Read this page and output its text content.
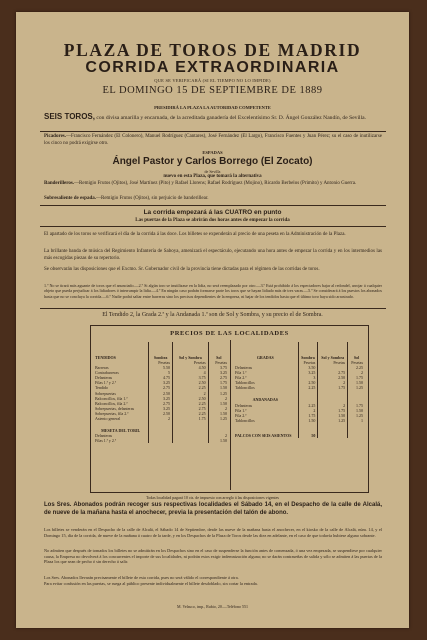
PLAZA DE TOROS DE MADRID
CORRIDA EXTRAORDINARIA
QUE SE VERIFICARÁ (SI EL TIEMPO NO LO IMPIDE)
EL DOMINGO 15 DE SEPTIEMBRE DE 1889
PRESIDIRÁ LA PLAZA LA AUTORIDAD COMPETENTE
SEIS TOROS, con divisa amarilla y encarnada, de la acreditada ganadería del Excelentísimo Sr. D. Ángel González Nandín, de Sevilla.
Picadores.—Francisco Fernández (El Colonero), Manuel Rodríguez (Cantares), José Fernández (El Largo), Francisco Fuentes y Juan Pérez; su el caso de inutilizarse los cinco no podrá exigirse otro.
ESPADAS
Ángel Pastor y Carlos Borrego (El Zocato)
de Sevilla
nuevo en esta Plaza, que tomará la alternativa
Banderilleros.—Remigio Frutos (Ojitos), José Martínez (Pito) y Rafael Llorens; Rafael Rodríguez (Mojino), Ricardo Berbelos (Primito) y Antonio Guerra.
Sobresaliente de espada.—Remigio Frutos (Ojitos), sin perjuicio de banderillear.
La corrida empezará á las CUATRO en punto
Las puertas de la Plaza se abrirán dos horas antes de empezar la corrida
El apartado de los toros se verificará el día de la corrida á las doce. Los billetes se expenderán al precio de una peseta en la Administración de la Plaza.
La brillante banda de música del Regimiento Infantería de Saboya, amenizará el espectáculo, ejecutando una hora antes de empezar la corrida y en los intermedios las más escogidas piezas de su repertorio.
Se observarán las disposiciones que el Excmo. Sr. Gobernador civil de la provincia tiene dictadas para el régimen de las corridas de toros.
1.º No se tirará más aguante de toros que el anunciado.—2.º Si algún toro se inutilizase en la lidia, no será reemplazado por otro.—3.º Está prohibido á los espectadores bajar al redondel, arrojar á cualquier objeto que pueda perjudicar á los lidiadores ó interrumpir la lidia.—4.º En ningún caso podrán formarse parte los toros que se hayan lidiado más de tres varas.—5.º Se considerará á los puestos los abonados hasta que no se concluya la corrida.—6.º Nadie podrá saltar entre barreras sino los precisos dependientes de la empresa, ni bajar de los tendidos hasta que el último toro haya sido arrastrado.
El Tendido 2, la Grada 2.ª y la Andanada 1.ª son de Sol y Sombra, y su precio el de Sombra.
PRECIOS DE LAS LOCALIDADES
TENDIDOS	Sombra	Sol y Sombra	Sol
	Pesetas	Pesetas	Pesetas
Barreras	5.50	4.50	3.75
Contrabarreras	5	4	3.25
Delanteras	4.75	3.75	2.75
Filas 1.ª y 2.ª	3.25	2.50	1.75
Tendido	2.75	2.25	1.50
Sobrepuertas	2.50	2	1.25
Balconcillos, fila 1.ª	3.25	2.50	2
Balconcillos, fila 2.ª	2.75	2.25	1.50
Sobrepuertas, delanteras	3.25	2.75	2
Sobrepuertas, fila 2.ª	2.50	2.25	1.50
Asiento general	2	1.75	1.25
MESETA DEL TORIL			
Delanteras			2
Filas 1.ª y 2.ª			1.50
GRADAS	Sombra	Sol y Sombra	Sol
	Pesetas	Pesetas	Pesetas
Delanteras	3.50		2.25
Fila 1.ª	3.25	2.75	2
Fila 2.ª	3	2.50	1.75
Tabloncillos	2.50	2	1.50
Tabloncillos	2.25	1.75	1.25
ANDANADAS			
Delanteras	2.25	2	1.75
Fila 1.ª	2	1.75	1.50
Fila 2.ª	1.75	1.50	1.25
Tabloncillos	1.50	1.25	1

PALCOS CON SEIS ASIENTOS	50		
Todas localidad pagará 10 cts. de impuesto con arreglo á las disposiciones vigentes
Los Sres. Abonados podrán recoger sus respectivas localidades el Sábado 14, en el Despacho de la calle de Alcalá, de nueve de la mañana hasta el anochecer, previa la presentación del talón de abono.
Los billetes se venderán en el Despacho de la calle de Alcalá, el Sábado 14 de Septiembre, desde las nueve de la mañana hasta el anochecer, en el kiosko de la calle de Alcalá, núm. 14, y el Domingo 15, día de la corrida, de nueve de la mañana á cuatro de la tarde, y en los Despachos de la Plaza de Toros desde las diez en adelante, en el caso de que todavía hubiese alguno sobrante.
No admiten que después de tomados los billetes no se admitirán en los Despachos sino en el caso de suspenderse la función antes de comenzada, ó una vez empezada, se suspendiese por cualquier causa, la Empresa no devolverá á los concurrentes el importe de sus localidades, ni podrán estos exigir indemnización alguna; no se darán contraseñas de salida y sólo se admiten á las puertas de la Plaza los que sean de pecho ó sin derecho á salir.
Los Sres. Abonados llevarán precisamente el billete de esta corrida, pues no será válido el correspondiente á otra.
Para evitar confusión en las puertas, se ruega al público presente individualmente el billete desdoblado, sin cortar la entrada.
M. Velasco, imp., Rubio, 20.—Teléfono 551
